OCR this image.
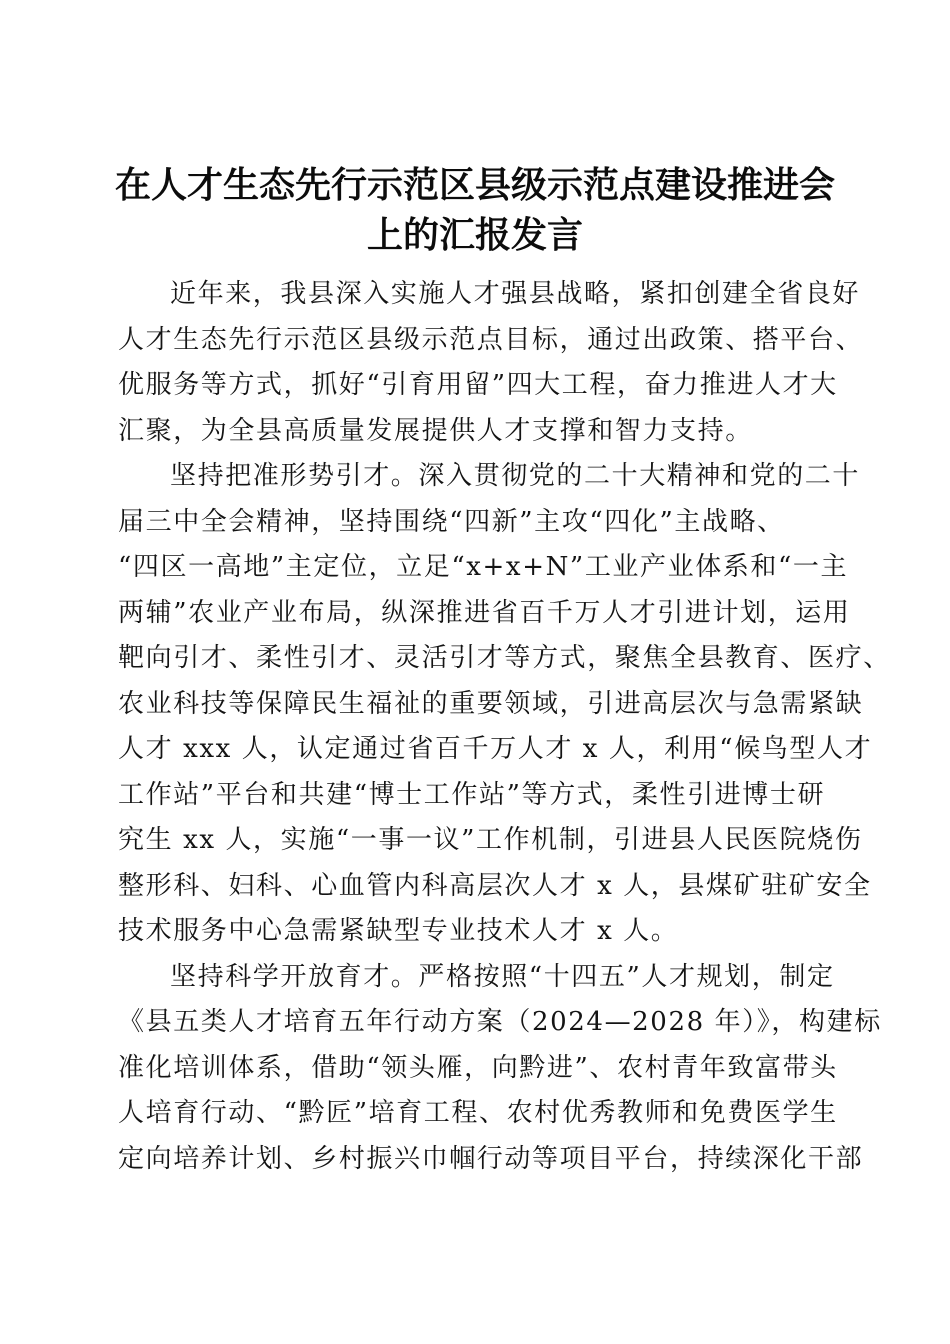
在人才生态先行示范区县级示范点建设推进会
上的汇报发言
近年来，我县深入实施人才强县战略，紧扣创建全省良好
人才生态先行示范区县级示范点目标，通过出政策、搭平台、
优服务等方式，抓好“引育用留”四大工程，奋力推进人才大
汇聚，为全县高质量发展提供人才支撑和智力支持。
坚持把准形势引才。深入贯彻党的二十大精神和党的二十
届三中全会精神，坚持围绕“四新”主攻“四化”主战略、
“四区一高地”主定位，立足“x+x+N”工业产业体系和“一主
两辅”农业产业布局，纵深推进省百千万人才引进计划，运用
靶向引才、柔性引才、灵活引才等方式，聚焦全县教育、医疗、
农业科技等保障民生福祉的重要领域，引进高层次与急需紧缺
人才 xxx 人，认定通过省百千万人才 x 人，利用“候鸟型人才
工作站”平台和共建“博士工作站”等方式，柔性引进博士研
究生 xx 人，实施“一事一议”工作机制，引进县人民医院烧伤
整形科、妇科、心血管内科高层次人才 x 人，县煤矿驻矿安全
技术服务中心急需紧缺型专业技术人才 x 人。
坚持科学开放育才。严格按照“十四五”人才规划，制定
《县五类人才培育五年行动方案（2024—2028 年）》，构建标
准化培训体系，借助“领头雁，向黔进”、农村青年致富带头
人培育行动、“黔匠”培育工程、农村优秀教师和免费医学生
定向培养计划、乡村振兴巾帼行动等项目平台，持续深化干部
